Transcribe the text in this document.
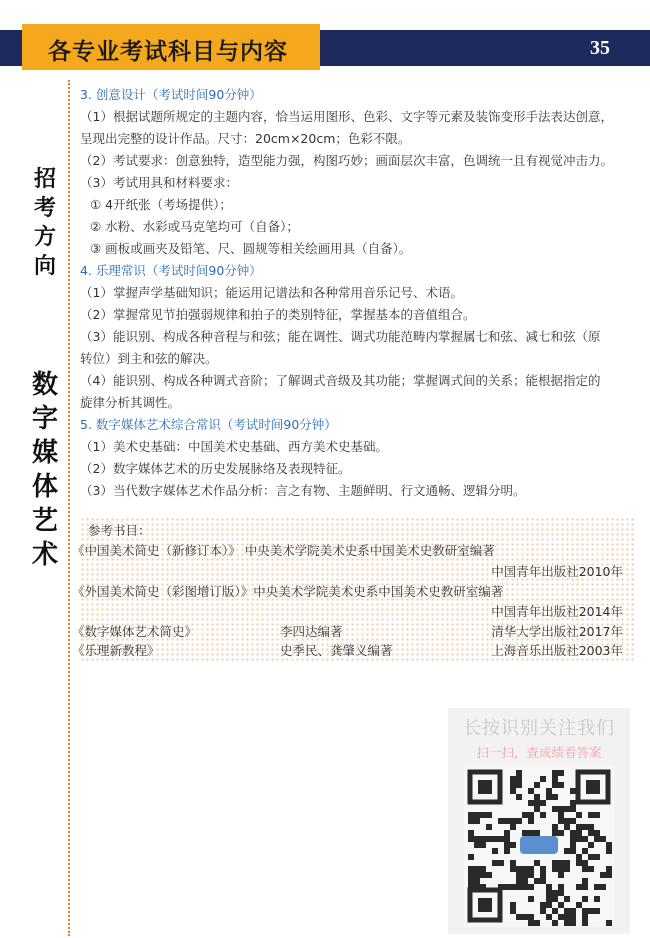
各专业考试科目与内容	35
招
考
方
向
数
字
媒
体
艺
术
3. 创意设计（考试时间90分钟）
（1）根据试题所规定的主题内容，恰当运用图形、色彩、文字等元素及装饰变形手法表达创意，
呈现出完整的设计作品。尺寸：20cm×20cm；色彩不限。
（2）考试要求：创意独特，造型能力强，构图巧妙；画面层次丰富，色调统一且有视觉冲击力。
（3）考试用具和材料要求：
① 4开纸张（考场提供）；
② 水粉、水彩或马克笔均可（自备）；
③ 画板或画夹及铅笔、尺、圆规等相关绘画用具（自备）。
4. 乐理常识（考试时间90分钟）
（1）掌握声学基础知识；能运用记谱法和各种常用音乐记号、术语。
（2）掌握常见节拍强弱规律和拍子的类别特征，掌握基本的音值组合。
（3）能识别、构成各种音程与和弦；能在调性、调式功能范畴内掌握属七和弦、减七和弦（原
转位）到主和弦的解决。
（4）能识别、构成各种调式音阶；了解调式音级及其功能；掌握调式间的关系；能根据指定的
旋律分析其调性。
5. 数字媒体艺术综合常识（考试时间90分钟）
（1）美术史基础：中国美术史基础、西方美术史基础。
（2）数字媒体艺术的历史发展脉络及表现特征。
（3）当代数字媒体艺术作品分析：言之有物、主题鲜明、行文通畅、逻辑分明。
参考书目：
《中国美术简史（新修订本）》 中央美术学院美术史系中国美术史教研室编著
中国青年出版社2010年
《外国美术简史（彩图增订版）》中央美术学院美术史系中国美术史教研室编著
中国青年出版社2014年
《数字媒体艺术简史》	李四达编著	清华大学出版社2017年
《乐理新教程》	史季民、龚肇义编著	上海音乐出版社2003年
长按识别关注我们
扫一扫，查成绩看答案
